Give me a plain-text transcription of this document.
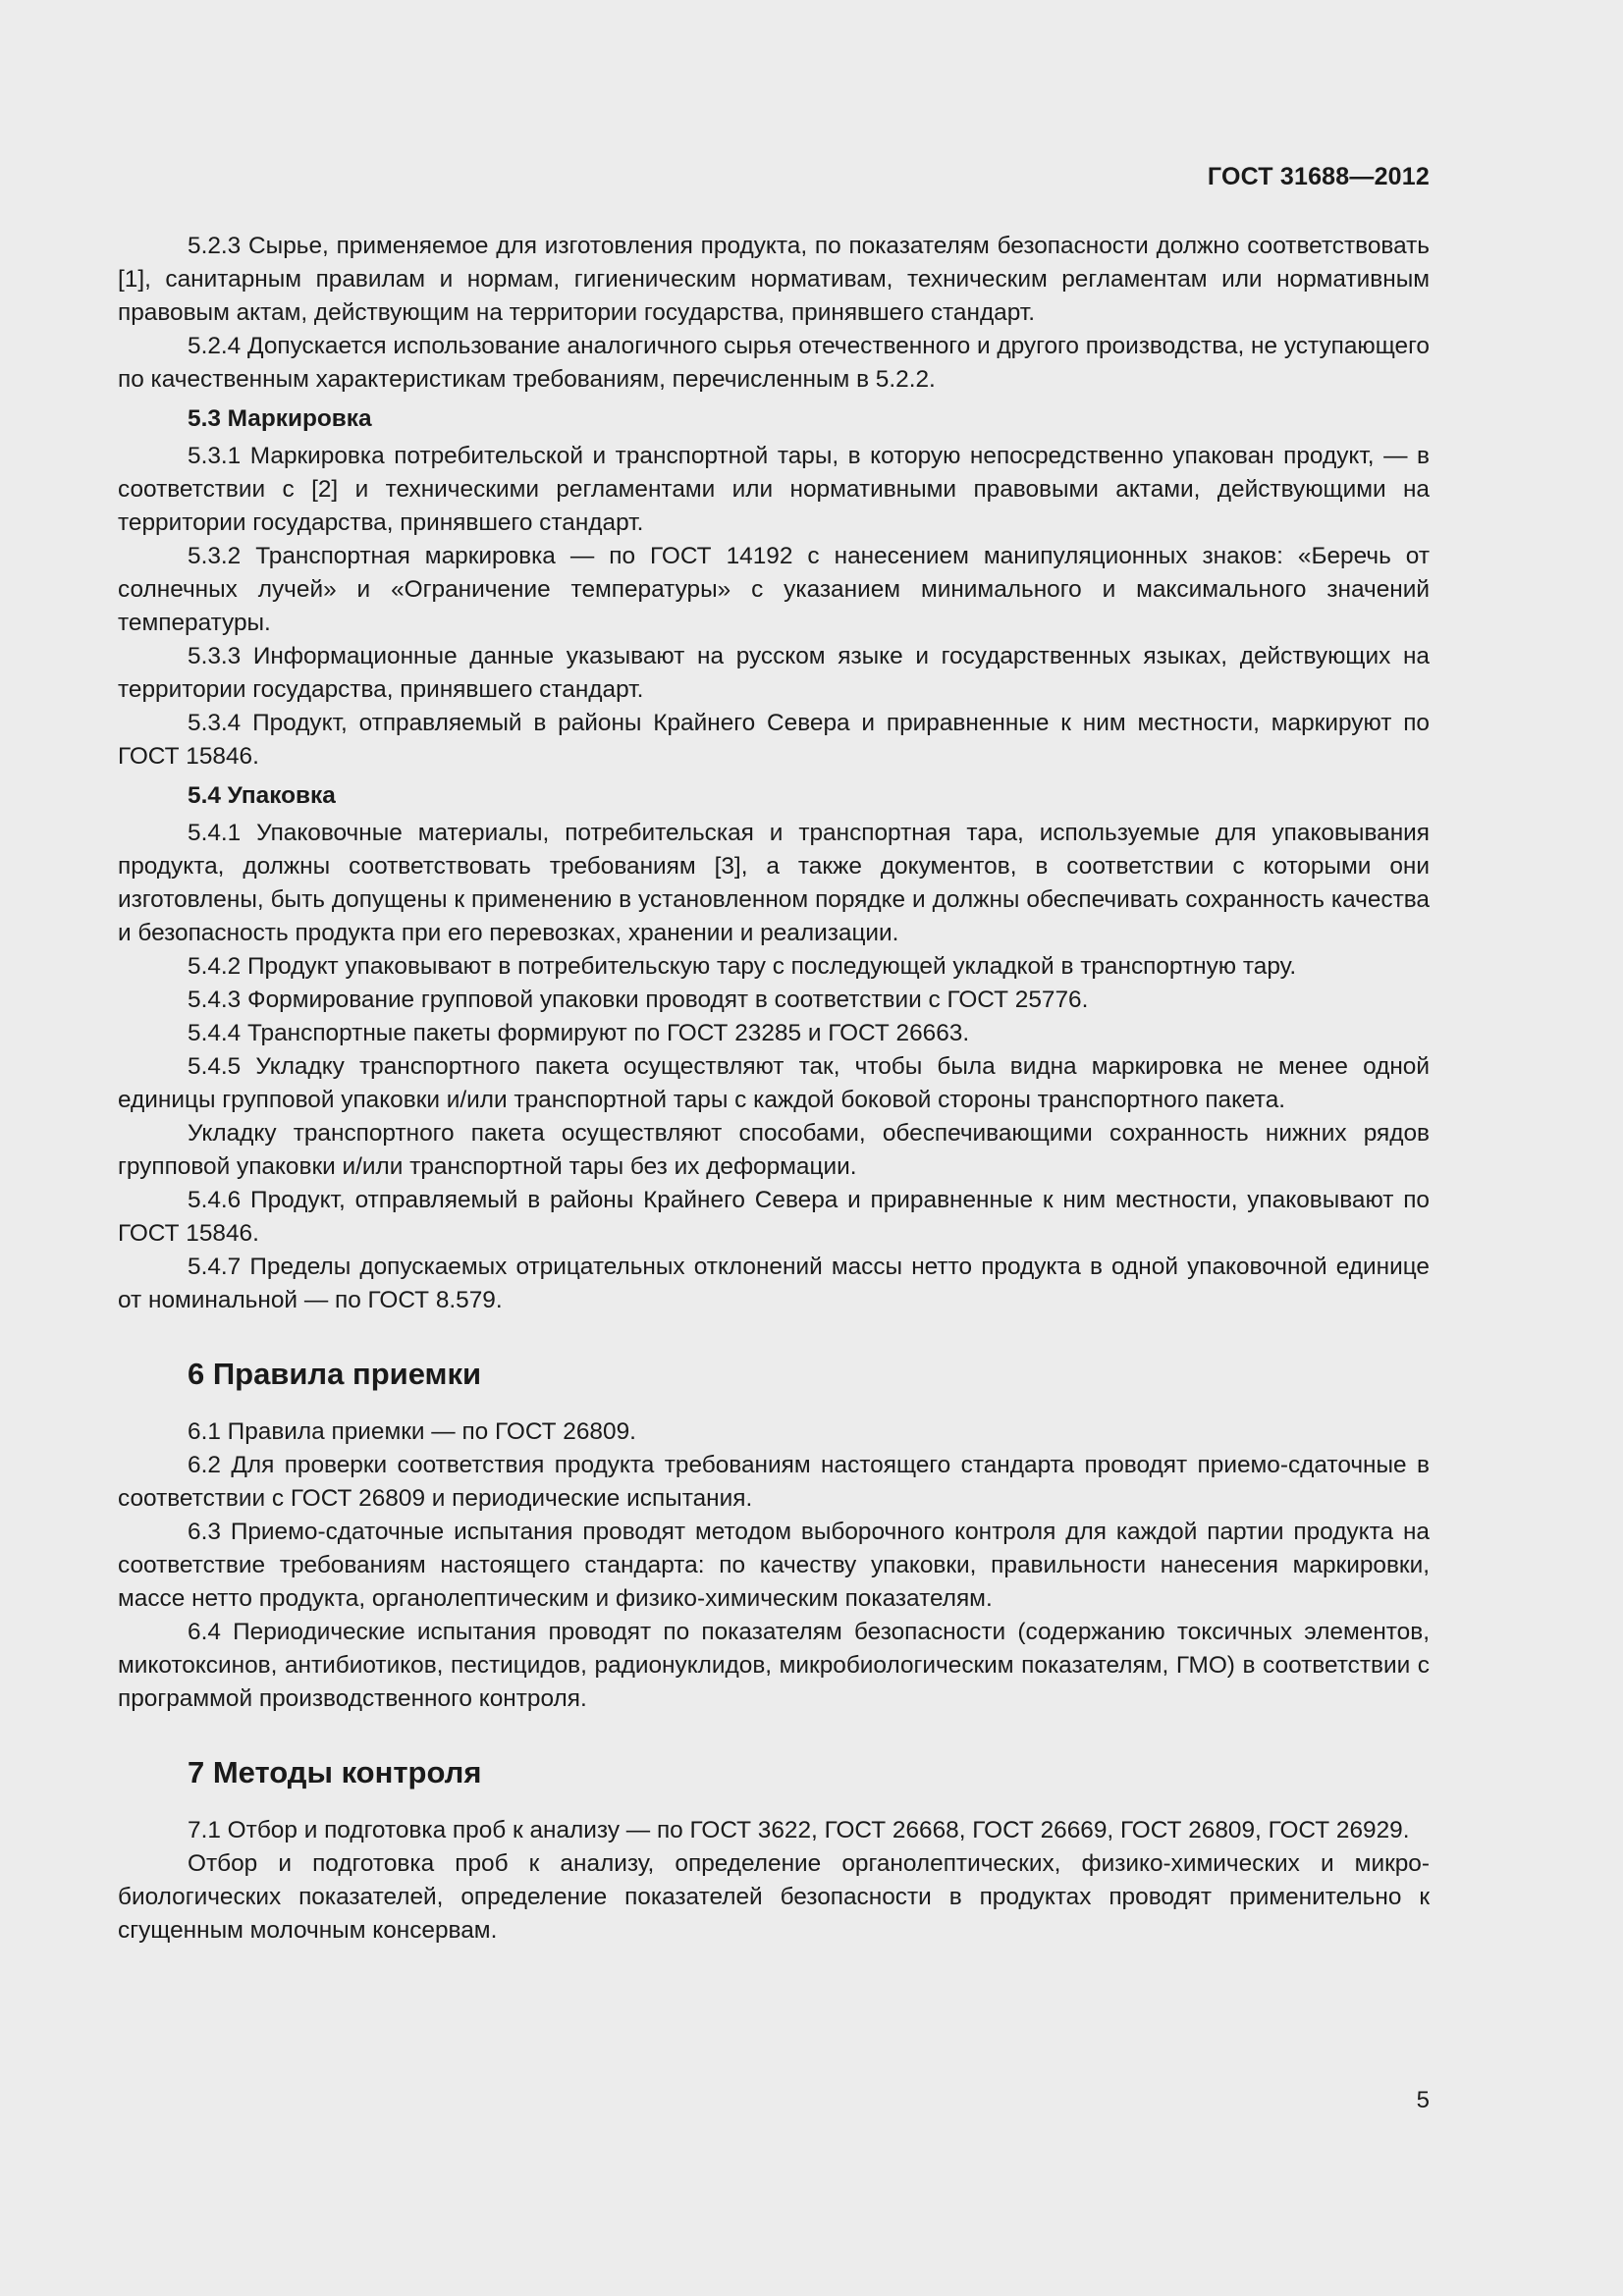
ГОСТ 31688—2012

5.2.3 Сырье, применяемое для изготовления продукта, по показателям безопасности должно соответствовать [1], санитарным правилам и нормам, гигиеническим нормативам, техническим регламентам или нормативным правовым актам, действующим на территории государства, принявшего стандарт.

5.2.4 Допускается использование аналогичного сырья отечественного и другого производства, не уступающего по качественным характеристикам требованиям, перечисленным в 5.2.2.

5.3 Маркировка

5.3.1 Маркировка потребительской и транспортной тары, в которую непосредственно упакован продукт, — в соответствии с [2] и техническими регламентами или нормативными правовыми актами, действующими на территории государства, принявшего стандарт.

5.3.2 Транспортная маркировка — по ГОСТ 14192 с нанесением манипуляционных знаков: «Беречь от солнечных лучей» и «Ограничение температуры» с указанием минимального и максимального значений температуры.

5.3.3 Информационные данные указывают на русском языке и государственных языках, действующих на территории государства, принявшего стандарт.

5.3.4 Продукт, отправляемый в районы Крайнего Севера и приравненные к ним местности, маркируют по ГОСТ 15846.

5.4 Упаковка

5.4.1 Упаковочные материалы, потребительская и транспортная тара, используемые для упаковывания продукта, должны соответствовать требованиям [3], а также документов, в соответствии с которыми они изготовлены, быть допущены к применению в установленном порядке и должны обеспечивать сохранность качества и безопасность продукта при его перевозках, хранении и реализации.

5.4.2 Продукт упаковывают в потребительскую тару с последующей укладкой в транспортную тару.

5.4.3 Формирование групповой упаковки проводят в соответствии с ГОСТ 25776.

5.4.4 Транспортные пакеты формируют по ГОСТ 23285 и ГОСТ 26663.

5.4.5 Укладку транспортного пакета осуществляют так, чтобы была видна маркировка не менее одной единицы групповой упаковки и/или транспортной тары с каждой боковой стороны транспортного пакета.

Укладку транспортного пакета осуществляют способами, обеспечивающими сохранность нижних рядов групповой упаковки и/или транспортной тары без их деформации.

5.4.6 Продукт, отправляемый в районы Крайнего Севера и приравненные к ним местности, упаковывают по ГОСТ 15846.

5.4.7 Пределы допускаемых отрицательных отклонений массы нетто продукта в одной упаковочной единице от номинальной — по ГОСТ 8.579.

6 Правила приемки

6.1 Правила приемки — по ГОСТ 26809.

6.2 Для проверки соответствия продукта требованиям настоящего стандарта проводят приемо-сдаточные в соответствии с ГОСТ 26809 и периодические испытания.

6.3 Приемо-сдаточные испытания проводят методом выборочного контроля для каждой партии продукта на соответствие требованиям настоящего стандарта: по качеству упаковки, правильности нанесения маркировки, массе нетто продукта, органолептическим и физико-химическим показателям.

6.4 Периодические испытания проводят по показателям безопасности (содержанию токсичных элементов, микотоксинов, антибиотиков, пестицидов, радионуклидов, микробиологическим показателям, ГМО) в соответствии с программой производственного контроля.

7 Методы контроля

7.1 Отбор и подготовка проб к анализу — по ГОСТ 3622, ГОСТ 26668, ГОСТ 26669, ГОСТ 26809, ГОСТ 26929.

Отбор и подготовка проб к анализу, определение органолептических, физико-химических и микробиологических показателей, определение показателей безопасности в продуктах проводят применительно к сгущенным молочным консервам.

5
